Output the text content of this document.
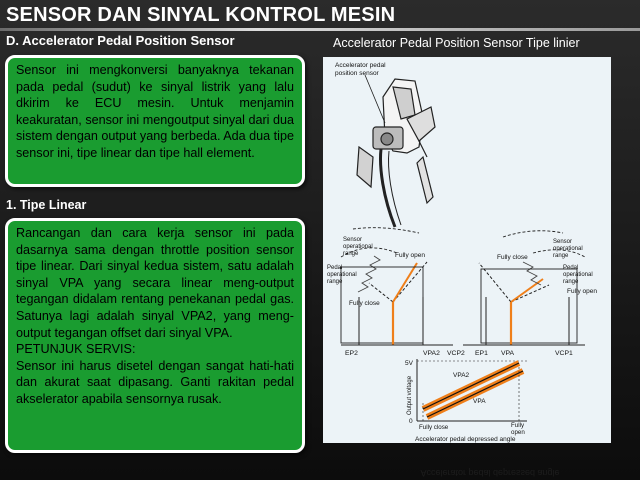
SENSOR DAN SINYAL KONTROL MESIN
D. Accelerator Pedal Position Sensor	Accelerator Pedal Position Sensor Tipe linier
Sensor ini mengkonversi banyaknya tekanan pada pedal (sudut) ke sinyal listrik yang lalu dkirim ke ECU mesin. Untuk menjamin keakuratan, sensor ini mengoutput sinyal dari dua sistem dengan output yang berbeda. Ada dua tipe sensor ini, tipe linear dan tipe hall element.
1. Tipe Linear

Rancangan dan cara kerja sensor ini pada dasarnya sama dengan throttle position sensor tipe linear. Dari sinyal kedua sistem, satu adalah sinyal VPA yang secara linear meng-output tegangan didalam rentang penekanan pedal gas. Satunya lagi adalah sinyal VPA2, yang meng-output tegangan offset dari sinyal VPA.

PETUNJUK SERVIS:

Sensor ini harus disetel dengan sangat hati-hati dan akurat saat dipasang. Ganti rakitan pedal akselerator apabila sensornya rusak.

Accelerator pedal
position sensor
Sensor
operational
range
Pedal
operational
range
Fully open
Fully close
Sensor
operational
range
Pedal
operational
range
Fully close
Fully open
EP2	VPA2 VCP2 EP1 VPA	VCP1
5V
0
Output voltage
VPA2
VPA
Fully close	Fully
open
Accelerator pedal depressed angle
Accelerator pedal depressed angle
